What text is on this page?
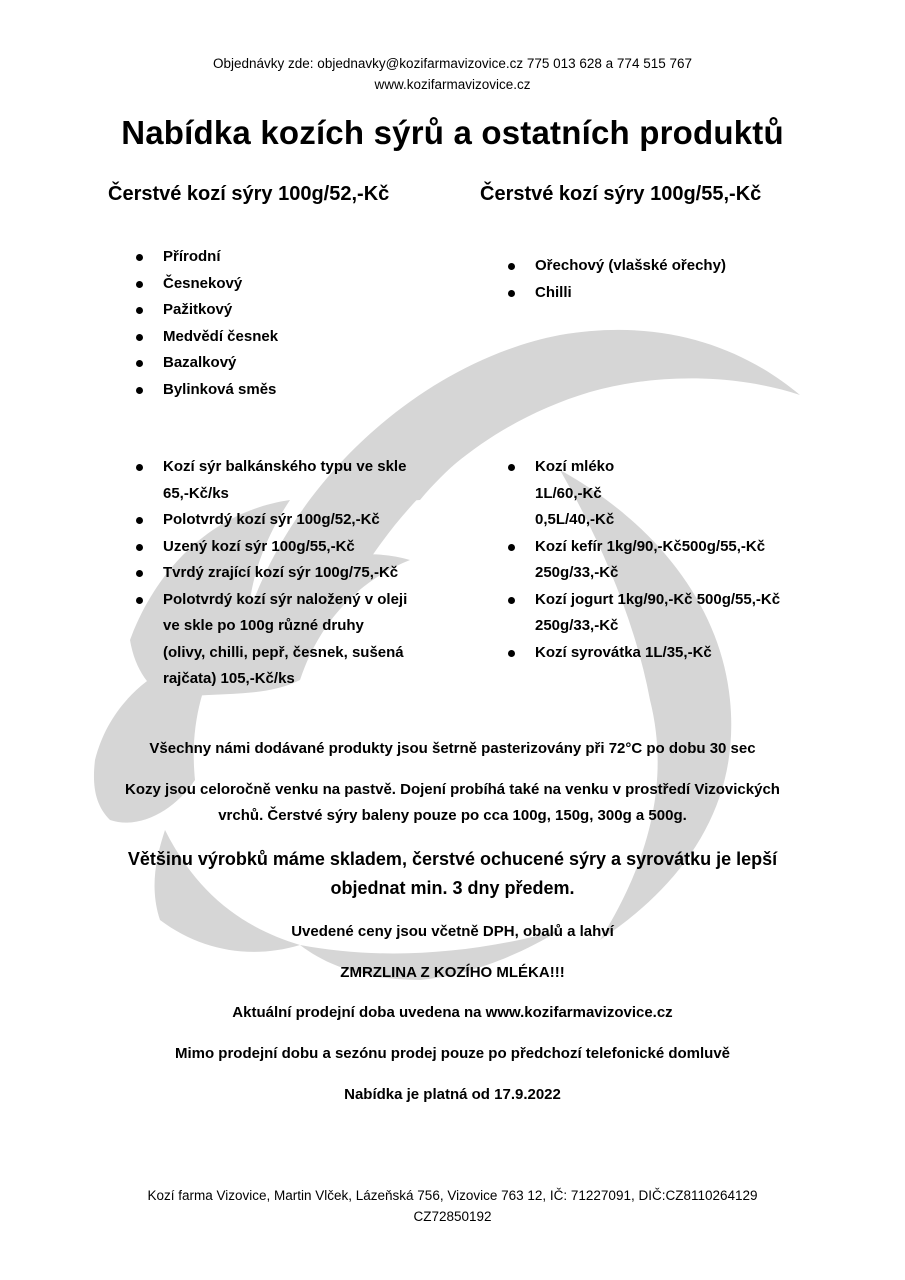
Objednávky zde: objednavky@kozifarmavizovice.cz 775 013 628 a 774 515 767
www.kozifarmavizovice.cz
Nabídka kozích sýrů a ostatních produktů
Čerstvé kozí sýry 100g/52,-Kč	Čerstvé kozí sýry 100g/55,-Kč
Přírodní
Česnekový
Pažitkový
Medvědí česnek
Bazalkový
Bylinková směs
Ořechový (vlašské ořechy)
Chilli
Kozí sýr balkánského typu ve skle
65,-Kč/ks
Polotvrdý kozí sýr 100g/52,-Kč
Uzený kozí sýr 100g/55,-Kč
Tvrdý zrající kozí sýr 100g/75,-Kč
Polotvrdý kozí sýr naložený v oleji
ve skle po 100g různé druhy
(olivy, chilli, pepř, česnek, sušená
rajčata) 105,-Kč/ks
Kozí mléko
1L/60,-Kč
0,5L/40,-Kč
Kozí kefír 1kg/90,-Kč500g/55,-Kč
250g/33,-Kč
Kozí jogurt 1kg/90,-Kč 500g/55,-Kč
250g/33,-Kč
Kozí syrovátka 1L/35,-Kč
Všechny námi dodávané produkty jsou šetrně pasterizovány při 72°C po dobu 30 sec
Kozy jsou celoročně venku na pastvě. Dojení probíhá také na venku v prostředí Vizovických
vrchů. Čerstvé sýry baleny pouze po cca 100g, 150g, 300g a 500g.
Většinu výrobků máme skladem, čerstvé ochucené sýry a syrovátku je lepší
objednat min. 3 dny předem.
Uvedené ceny jsou včetně DPH, obalů a lahví
ZMRZLINA Z KOZÍHO MLÉKA!!!
Aktuální prodejní doba uvedena na www.kozifarmavizovice.cz
Mimo prodejní dobu a sezónu prodej pouze po předchozí telefonické domluvě
Nabídka je platná od 17.9.2022
Kozí farma Vizovice, Martin Vlček, Lázeňská 756, Vizovice 763 12, IČ: 71227091, DIČ:CZ8110264129
CZ72850192
